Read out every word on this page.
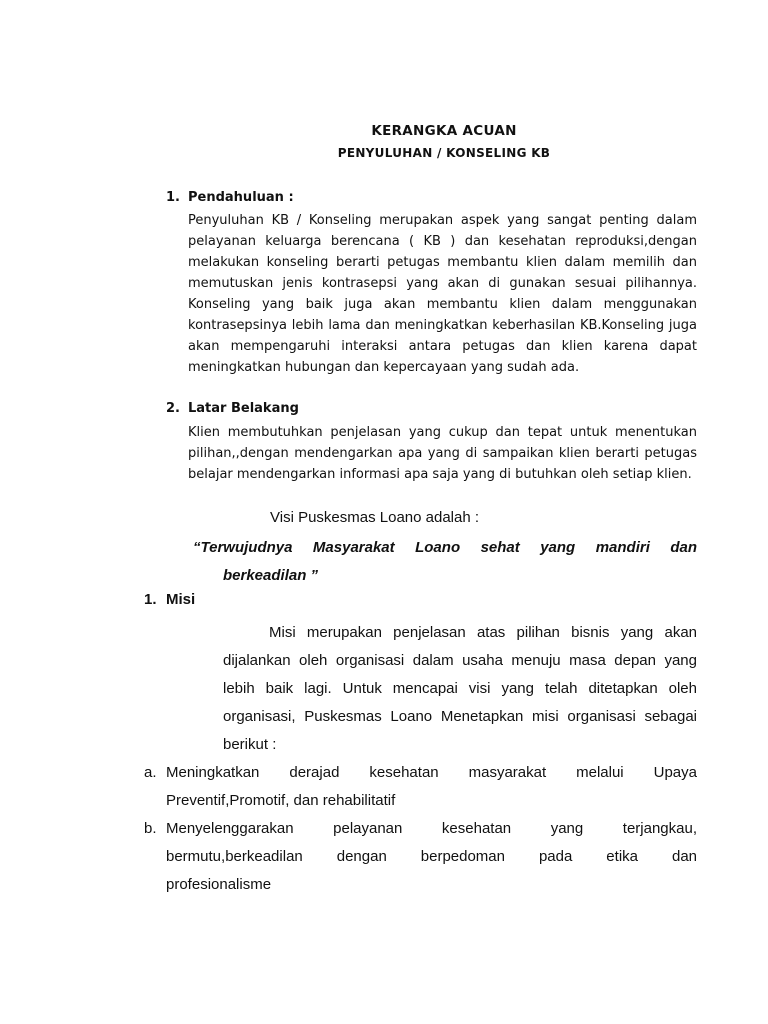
KERANGKA ACUAN
PENYULUHAN / KONSELING KB
1. Pendahuluan :

Penyuluhan KB / Konseling merupakan aspek yang sangat penting dalam pelayanan keluarga berencana ( KB ) dan kesehatan reproduksi,dengan melakukan konseling berarti petugas membantu klien dalam memilih dan memutuskan jenis kontrasepsi yang akan di gunakan sesuai pilihannya. Konseling yang baik juga akan membantu klien dalam menggunakan kontrasepsinya lebih lama dan meningkatkan keberhasilan KB.Konseling juga akan mempengaruhi interaksi antara petugas dan klien karena dapat meningkatkan hubungan dan kepercayaan yang sudah ada.

2. Latar Belakang

Klien membutuhkan penjelasan yang cukup dan tepat untuk menentukan pilihan,,dengan mendengarkan apa yang di sampaikan klien berarti petugas belajar mendengarkan informasi apa saja yang di butuhkan oleh setiap klien.

Visi Puskesmas Loano adalah :
“Terwujudnya Masyarakat Loano sehat yang mandiri dan
berkeadilan ”
1. Misi

Misi merupakan penjelasan atas pilihan bisnis yang akan dijalankan oleh organisasi dalam usaha menuju masa depan yang lebih baik lagi. Untuk mencapai visi yang telah ditetapkan oleh organisasi, Puskesmas Loano Menetapkan misi organisasi sebagai berikut :

a. Meningkatkan derajad kesehatan masyarakat melalui Upaya
Preventif,Promotif, dan rehabilitatif
b. Menyelenggarakan pelayanan kesehatan yang terjangkau,
bermutu,berkeadilan dengan berpedoman pada etika dan
profesionalisme
